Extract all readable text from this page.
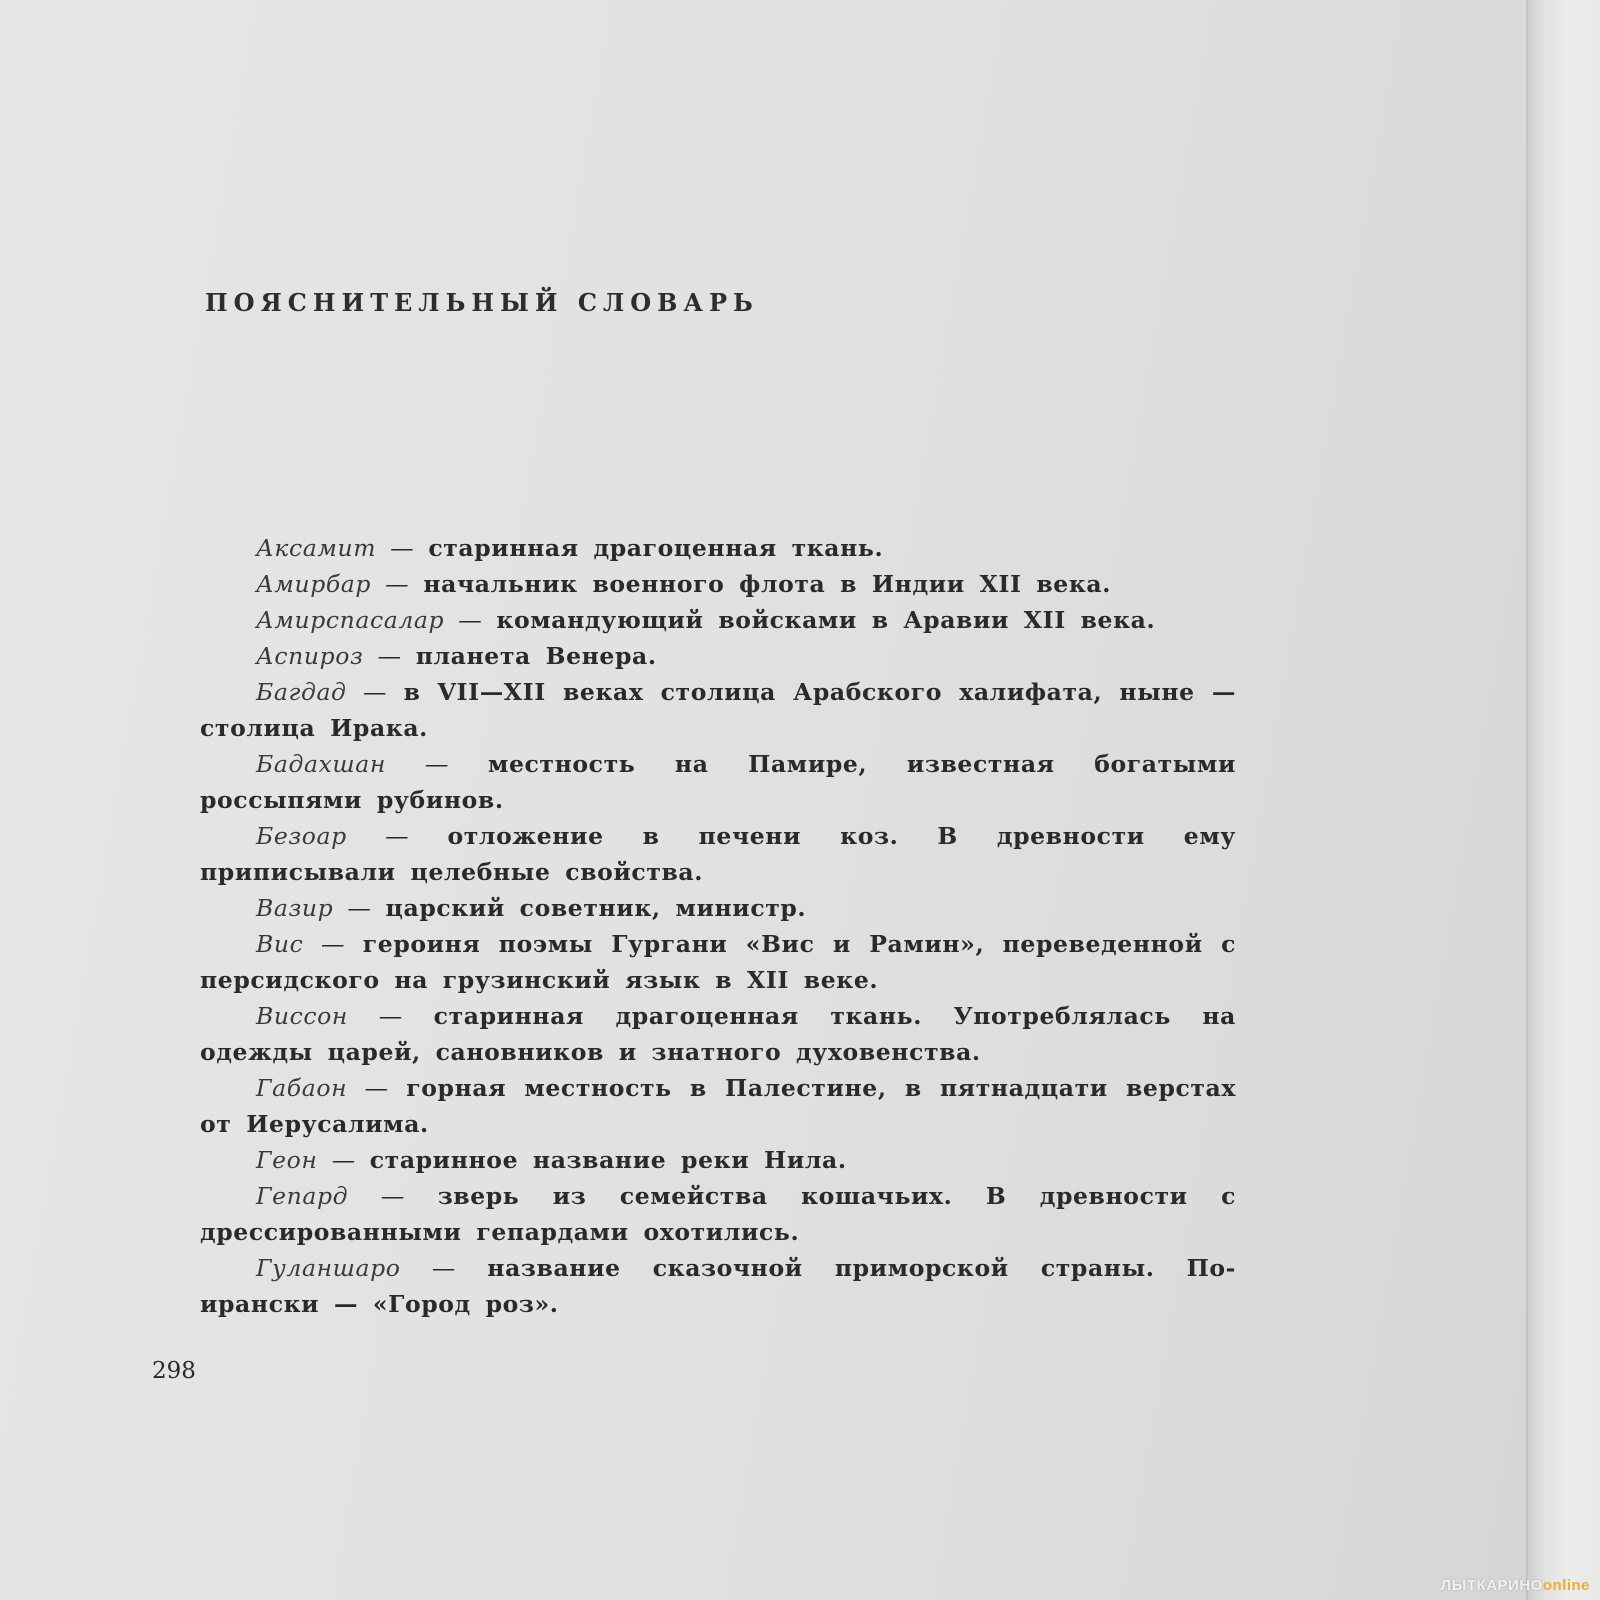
ПОЯСНИТЕЛЬНЫЙ СЛОВАРЬ

Аксамит — старинная драгоценная ткань.

Амирбар — начальник военного флота в Индии XII века.

Амирспасалар — командующий войсками в Аравии XII века.

Аспироз — планета Венера.

Багдад — в VII—XII веках столица Арабского халифата, ныне — столица Ирака.

Бадахшан — местность на Памире, известная богатыми россыпями рубинов.

Безоар — отложение в печени коз. В древности ему приписывали целебные свойства.

Вазир — царский советник, министр.

Вис — героиня поэмы Гургани «Вис и Рамин», переведенной с персидского на грузинский язык в XII веке.

Виссон — старинная драгоценная ткань. Употреблялась на одежды царей, сановников и знатного духовенства.

Габаон — горная местность в Палестине, в пятнадцати верстах от Иерусалима.

Геон — старинное название реки Нила.

Гепард — зверь из семейства кошачьих. В древности с дрессированными гепардами охотились.

Гуланшаро — название сказочной приморской страны. По-ирански — «Город роз».

298
ЛЫТКАРИНОonline
